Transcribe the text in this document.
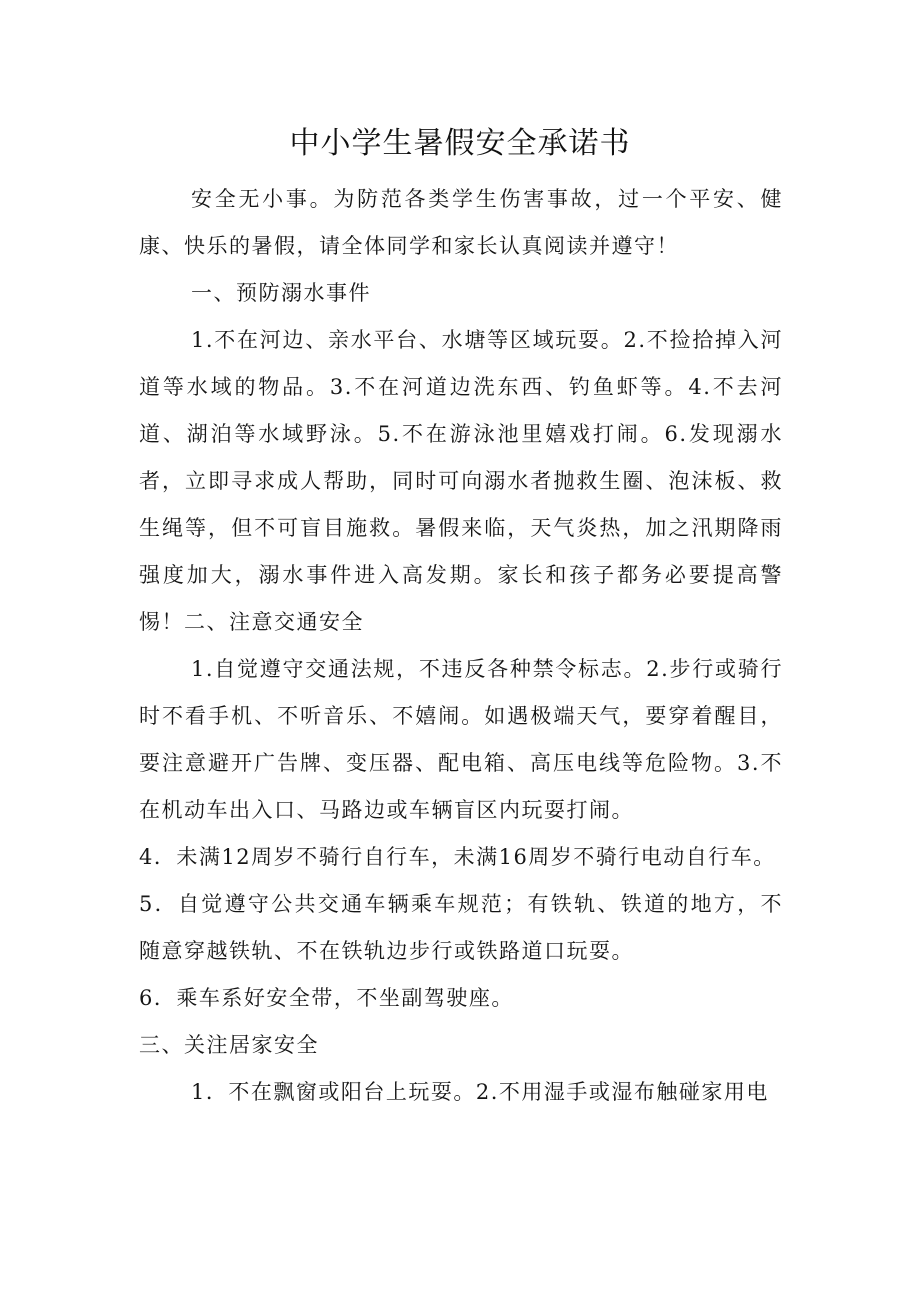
中小学生暑假安全承诺书

安全无小事。为防范各类学生伤害事故，过一个平安、健康、快乐的暑假，请全体同学和家长认真阅读并遵守！

一、预防溺水事件

1.不在河边、亲水平台、水塘等区域玩耍。2.不捡拾掉入河道等水域的物品。3.不在河道边洗东西、钓鱼虾等。4.不去河道、湖泊等水域野泳。5.不在游泳池里嬉戏打闹。6.发现溺水者，立即寻求成人帮助，同时可向溺水者抛救生圈、泡沫板、救生绳等，但不可盲目施救。暑假来临，天气炎热，加之汛期降雨强度加大，溺水事件进入高发期。家长和孩子都务必要提高警惕！二、注意交通安全

1.自觉遵守交通法规，不违反各种禁令标志。2.步行或骑行时不看手机、不听音乐、不嬉闹。如遇极端天气，要穿着醒目，要注意避开广告牌、变压器、配电箱、高压电线等危险物。3.不在机动车出入口、马路边或车辆盲区内玩耍打闹。

4．未满12周岁不骑行自行车，未满16周岁不骑行电动自行车。

5．自觉遵守公共交通车辆乘车规范；有铁轨、铁道的地方，不随意穿越铁轨、不在铁轨边步行或铁路道口玩耍。

6．乘车系好安全带，不坐副驾驶座。

三、关注居家安全

1．不在飘窗或阳台上玩耍。2.不用湿手或湿布触碰家用电
